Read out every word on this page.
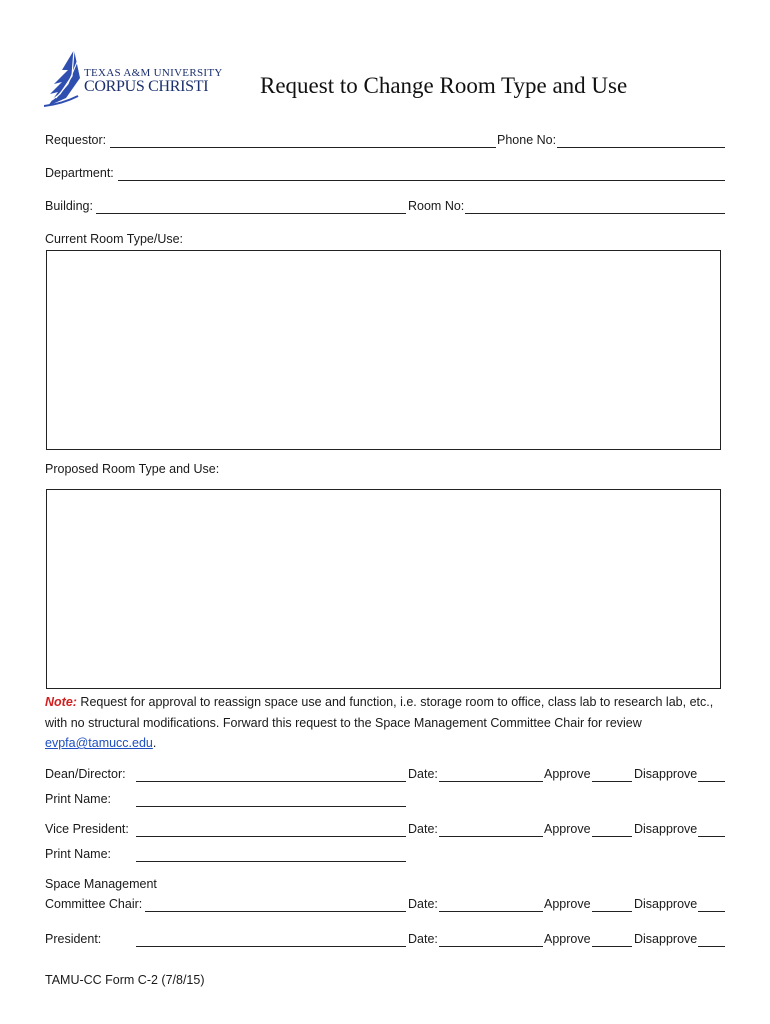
TEXAS A&M UNIVERSITY
CORPUS CHRISTI Request to Change Room Type and Use
Requestor:	Phone No:
Department:
Building:	Room No:
Current Room Type/Use:
Proposed Room Type and Use:
Note: Request for approval to reassign space use and function, i.e. storage room to office, class lab to research lab, etc., with no structural modifications. Forward this request to the Space Management Committee Chair for review evpfa@tamucc.edu.
Dean/Director:	Date:	Approve	Disapprove
Print Name:
Vice President:	Date:	Approve	Disapprove
Print Name:
Space Management
Committee Chair:	Date:	Approve	Disapprove
President:	Date:	Approve	Disapprove
TAMU-CC Form C-2 (7/8/15)
